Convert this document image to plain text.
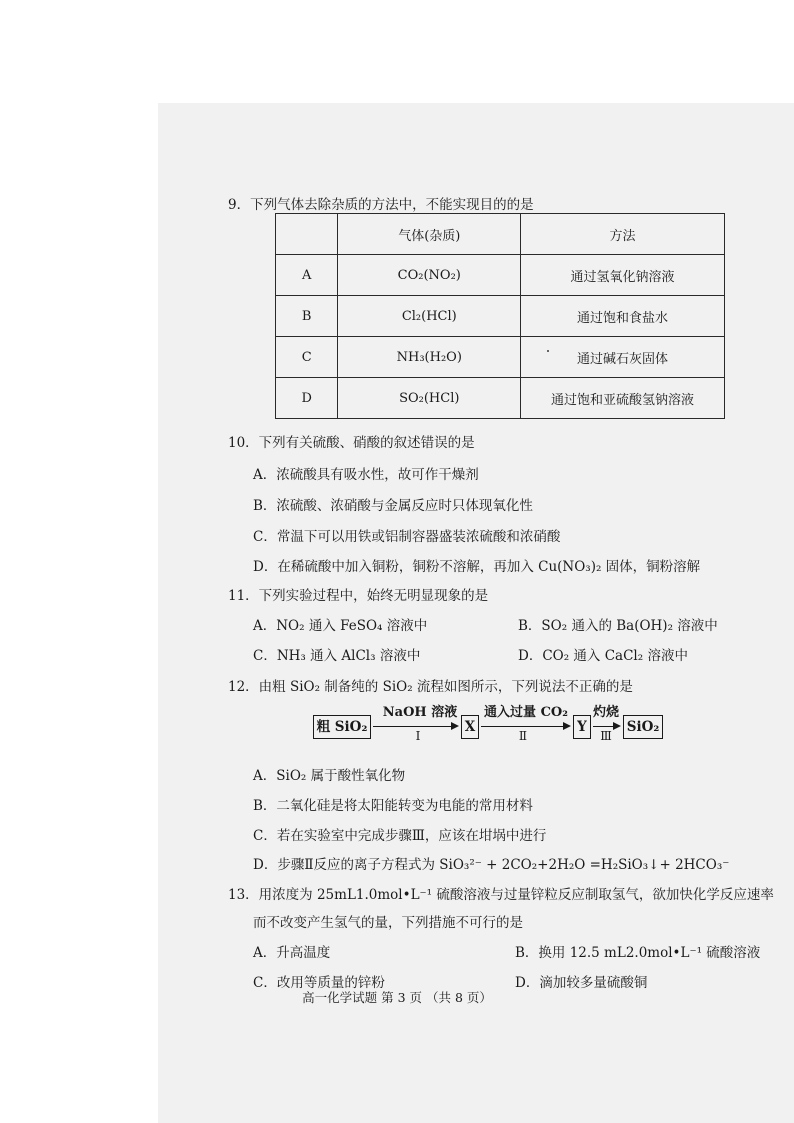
9．下列气体去除杂质的方法中，不能实现目的的是
	气体(杂质)	方法
A	CO₂(NO₂)	通过氢氧化钠溶液
B	Cl₂(HCl)	通过饱和食盐水
C	NH₃(H₂O)	通过碱石灰固体
D	SO₂(HCl)	通过饱和亚硫酸氢钠溶液
10．下列有关硫酸、硝酸的叙述错误的是
A．浓硫酸具有吸水性，故可作干燥剂
B．浓硫酸、浓硝酸与金属反应时只体现氧化性
C．常温下可以用铁或铝制容器盛装浓硫酸和浓硝酸
D．在稀硫酸中加入铜粉，铜粉不溶解，再加入 Cu(NO₃)₂ 固体，铜粉溶解
11．下列实验过程中，始终无明显现象的是
A．NO₂ 通入 FeSO₄ 溶液中	B．SO₂ 通入的 Ba(OH)₂ 溶液中
C．NH₃ 通入 AlCl₃ 溶液中	D．CO₂ 通入 CaCl₂ 溶液中
12．由粗 SiO₂ 制备纯的 SiO₂ 流程如图所示，下列说法不正确的是
粗 SiO₂
NaOH 溶液
Ⅰ
X
通入过量 CO₂
Ⅱ
Y
灼烧
Ⅲ
SiO₂
A．SiO₂ 属于酸性氧化物
B．二氧化硅是将太阳能转变为电能的常用材料
C．若在实验室中完成步骤Ⅲ，应该在坩埚中进行
D．步骤Ⅱ反应的离子方程式为 SiO₃²⁻ + 2CO₂+2H₂O =H₂SiO₃↓+ 2HCO₃⁻
13．用浓度为 25mL1.0mol•L⁻¹ 硫酸溶液与过量锌粒反应制取氢气，欲加快化学反应速率
而不改变产生氢气的量，下列措施不可行的是
A．升高温度	B．换用 12.5 mL2.0mol•L⁻¹ 硫酸溶液
C．改用等质量的锌粉	D．滴加较多量硫酸铜
高一化学试题 第 3 页 （共 8 页）
